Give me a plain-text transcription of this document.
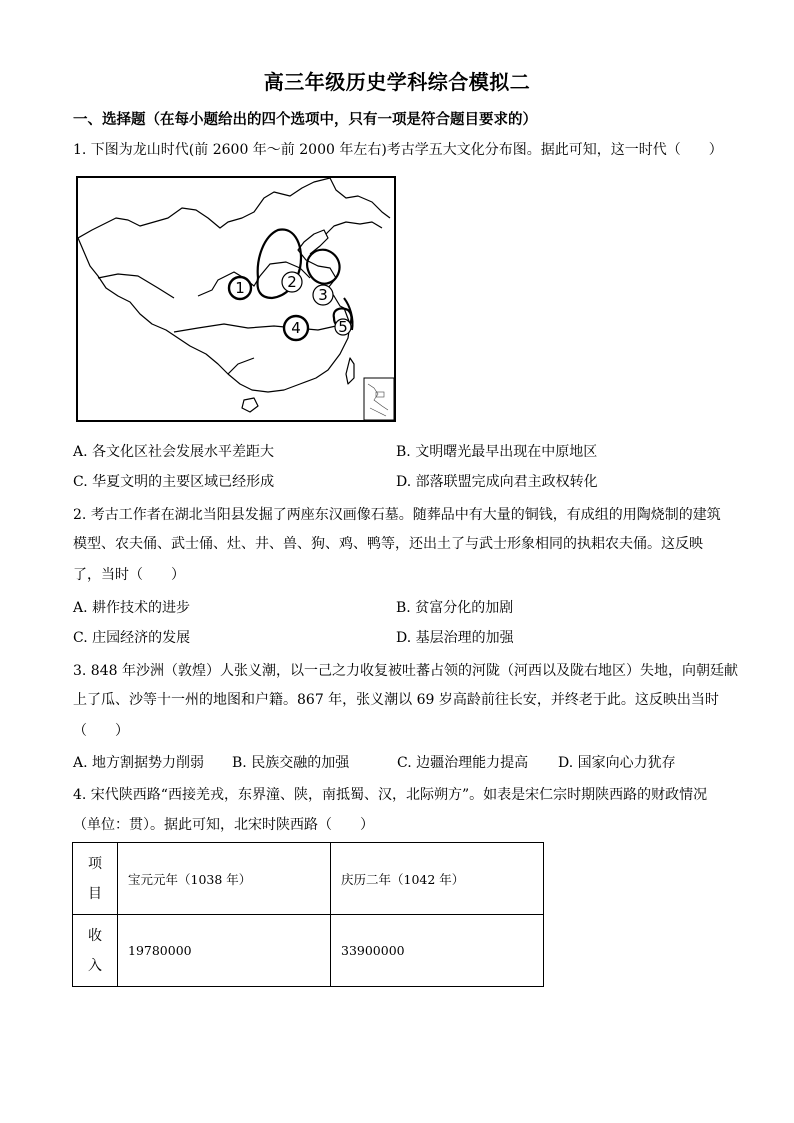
高三年级历史学科综合模拟二
一、选择题（在每小题给出的四个选项中，只有一项是符合题目要求的）
1. 下图为龙山时代(前 2600 年～前 2000 年左右)考古学五大文化分布图。据此可知，这一时代（　　）
1	2
3
4 5
A. 各文化区社会发展水平差距大	B. 文明曙光最早出现在中原地区
C. 华夏文明的主要区域已经形成	D. 部落联盟完成向君主政权转化
2. 考古工作者在湖北当阳县发掘了两座东汉画像石墓。随葬品中有大量的铜钱，有成组的用陶烧制的建筑
模型、农夫俑、武士俑、灶、井、兽、狗、鸡、鸭等，还出土了与武士形象相同的执耜农夫俑。这反映
了，当时（　　）
A. 耕作技术的进步	B. 贫富分化的加剧
C. 庄园经济的发展	D. 基层治理的加强
3. 848 年沙洲（敦煌）人张义潮，以一己之力收复被吐蕃占领的河陇（河西以及陇右地区）失地，向朝廷献
上了瓜、沙等十一州的地图和户籍。867 年，张义潮以 69 岁高龄前往长安，并终老于此。这反映出当时
（　　）
A. 地方割据势力削弱 B. 民族交融的加强	C. 边疆治理能力提高 D. 国家向心力犹存
4. 宋代陕西路“西接羌戎，东界潼、陕，南抵蜀、汉，北际朔方”。如表是宋仁宗时期陕西路的财政情况
（单位：贯）。据此可知，北宋时陕西路（　　）
项
目	宝元元年（1038 年）	庆历二年（1042 年）

收
入	19780000	33900000
